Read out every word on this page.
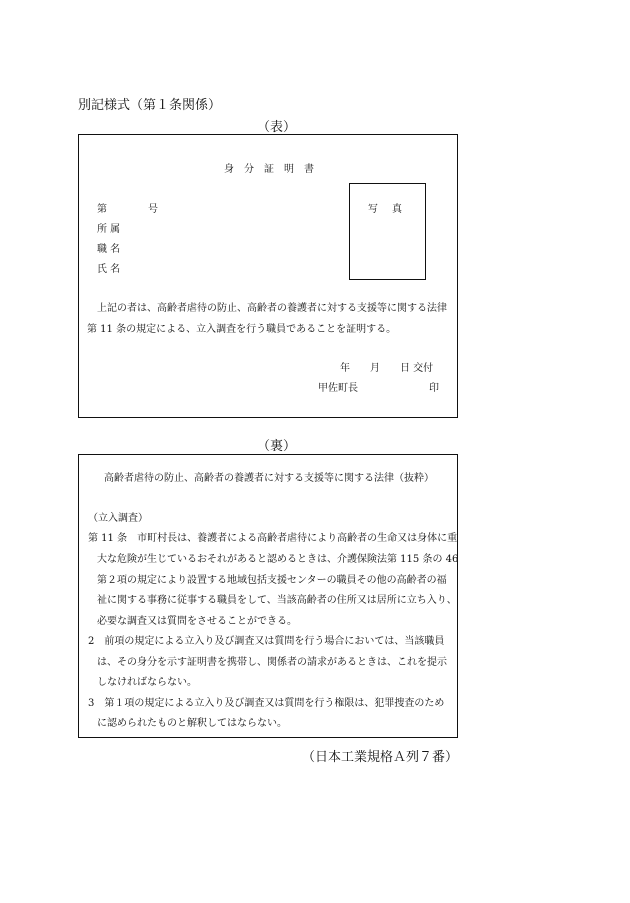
別記様式（第１条関係）
（表）
身分証明書
第	号
所 属
職 名
氏 名
写真
上記の者は、高齢者虐待の防止、高齢者の養護者に対する支援等に関する法律
第 11 条の規定による、立入調査を行う職員であることを証明する。
年　　月　　日 交付
甲佐町長	印
（裏）
高齢者虐待の防止、高齢者の養護者に対する支援等に関する法律（抜粋）
（立入調査）
第 11 条　市町村長は、養護者による高齢者虐待により高齢者の生命又は身体に重
大な危険が生じているおそれがあると認めるときは、介護保険法第 115 条の 46
第２項の規定により設置する地域包括支援センターの職員その他の高齢者の福
祉に関する事務に従事する職員をして、当該高齢者の住所又は居所に立ち入り、
必要な調査又は質問をさせることができる。
2　前項の規定による立入り及び調査又は質問を行う場合においては、当該職員
は、その身分を示す証明書を携帯し、関係者の請求があるときは、これを提示
しなければならない。
3　第１項の規定による立入り及び調査又は質問を行う権限は、犯罪捜査のため
に認められたものと解釈してはならない。
（日本工業規格Ａ列７番）
